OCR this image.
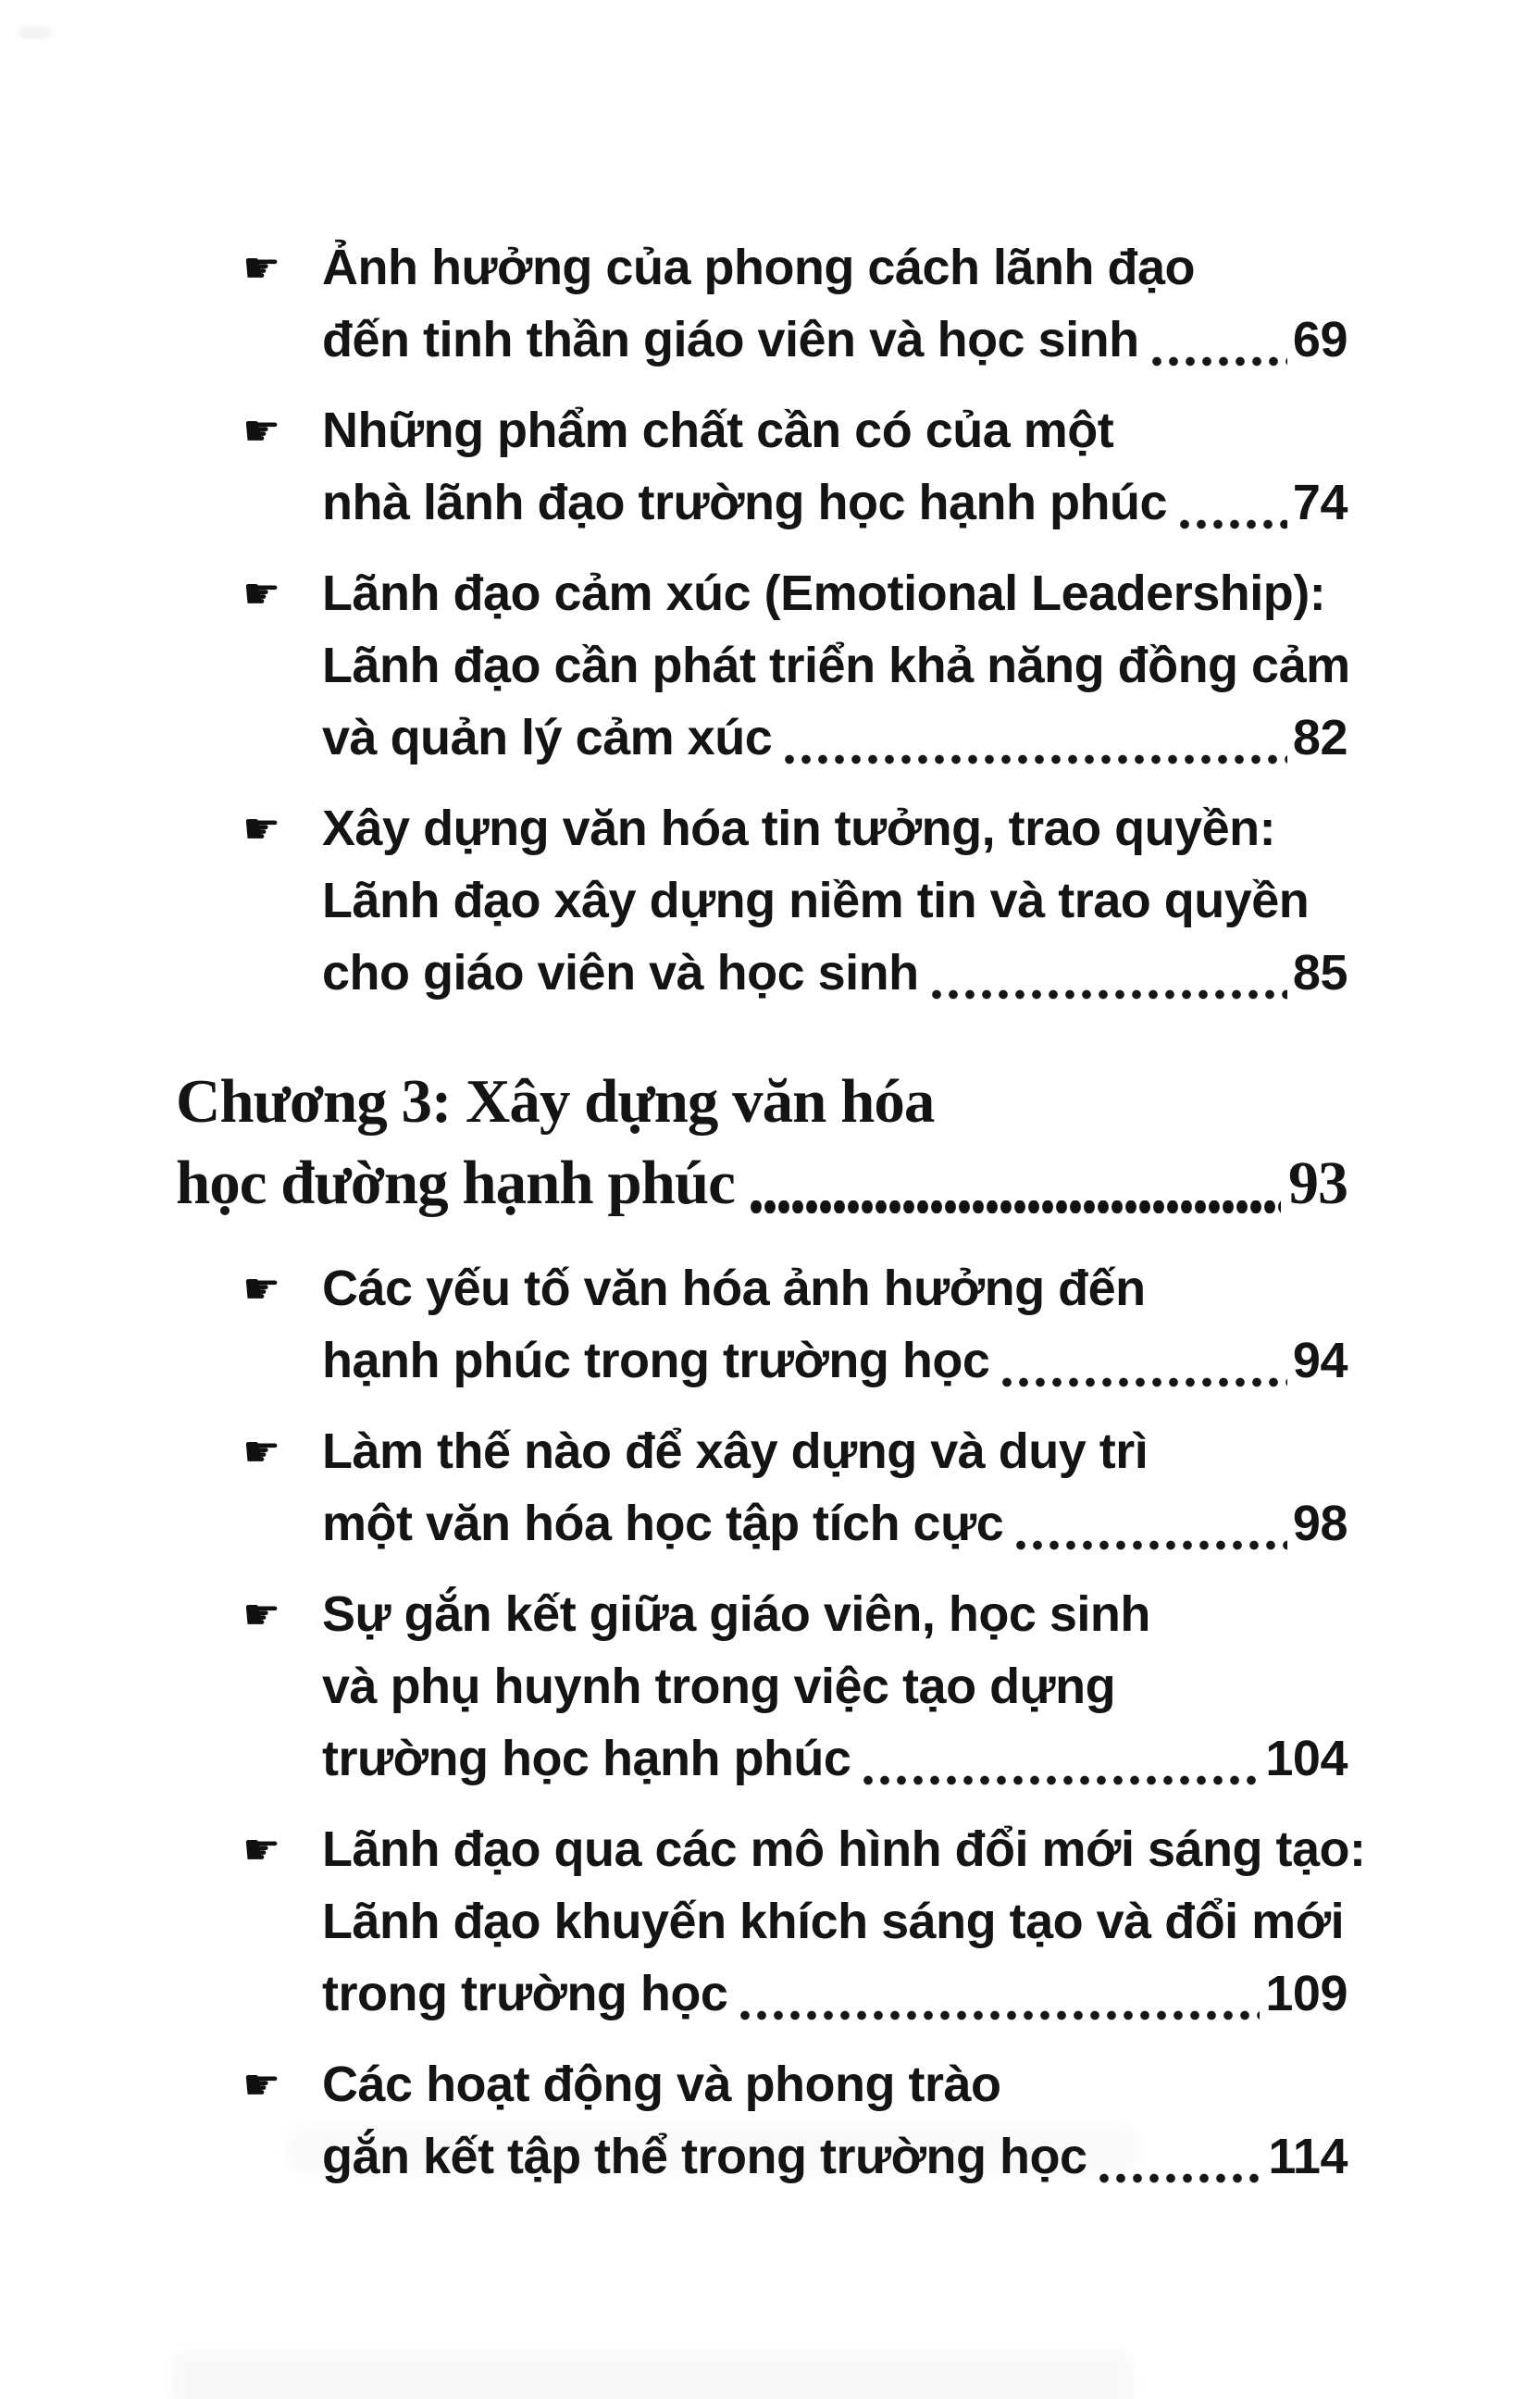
☛ Ảnh hưởng của phong cách lãnh đạo
đến tinh thần giáo viên và học sinh	69
☛ Những phẩm chất cần có của một
nhà lãnh đạo trường học hạnh phúc	74
☛ Lãnh đạo cảm xúc (Emotional Leadership):
Lãnh đạo cần phát triển khả năng đồng cảm
và quản lý cảm xúc	82
☛ Xây dựng văn hóa tin tưởng, trao quyền:
Lãnh đạo xây dựng niềm tin và trao quyền
cho giáo viên và học sinh	85
Chương 3: Xây dựng văn hóa
học đường hạnh phúc	93
☛ Các yếu tố văn hóa ảnh hưởng đến
hạnh phúc trong trường học	94
☛ Làm thế nào để xây dựng và duy trì
một văn hóa học tập tích cực	98
☛ Sự gắn kết giữa giáo viên, học sinh
và phụ huynh trong việc tạo dựng
trường học hạnh phúc	104
☛ Lãnh đạo qua các mô hình đổi mới sáng tạo:
Lãnh đạo khuyến khích sáng tạo và đổi mới
trong trường học	109
☛ Các hoạt động và phong trào
gắn kết tập thể trong trường học	114
